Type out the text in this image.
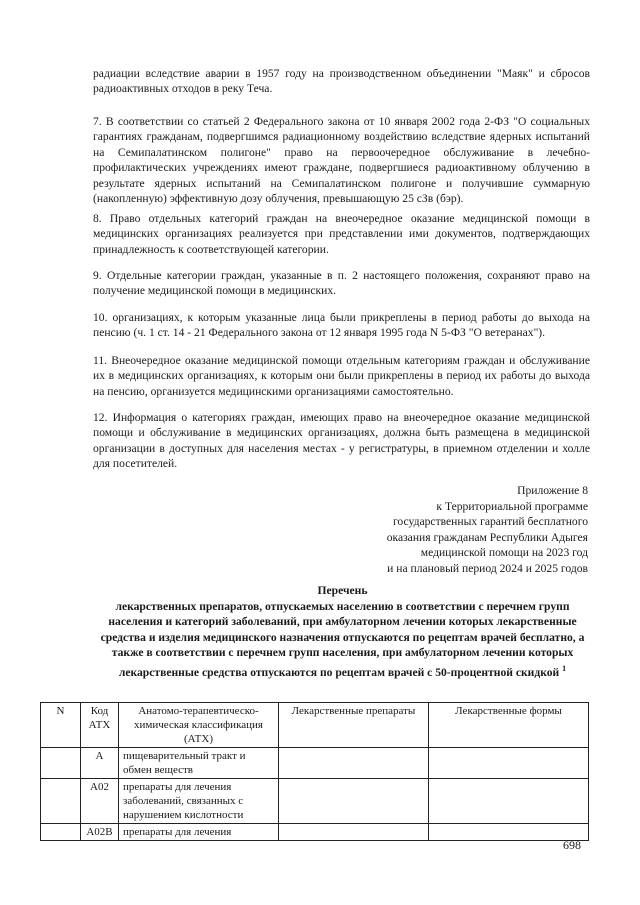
радиации вследствие аварии в 1957 году на производственном объединении "Маяк" и сбросов радиоактивных отходов в реку Теча.

7. В соответствии со статьей 2 Федерального закона от 10 января 2002 года 2-ФЗ "О социальных гарантиях гражданам, подвергшимся радиационному воздействию вследствие ядерных испытаний на Семипалатинском полигоне" право на первоочередное обслуживание в лечебно-профилактических учреждениях имеют граждане, подвергшиеся радиоактивному облучению в результате ядерных испытаний на Семипалатинском полигоне и получившие суммарную (накопленную) эффективную дозу облучения, превышающую 25 сЗв (бэр).

8. Право отдельных категорий граждан на внеочередное оказание медицинской помощи в медицинских организациях реализуется при представлении ими документов, подтверждающих принадлежность к соответствующей категории.

9. Отдельные категории граждан, указанные в п. 2 настоящего положения, сохраняют право на получение медицинской помощи в медицинских.

10. организациях, к которым указанные лица были прикреплены в период работы до выхода на пенсию (ч. 1 ст. 14 - 21 Федерального закона от 12 января 1995 года N 5-ФЗ "О ветеранах").

11. Внеочередное оказание медицинской помощи отдельным категориям граждан и обслуживание их в медицинских организациях, к которым они были прикреплены в период их работы до выхода на пенсию, организуется медицинскими организациями самостоятельно.

12. Информация о категориях граждан, имеющих право на внеочередное оказание медицинской помощи и обслуживание в медицинских организациях, должна быть размещена в медицинской организации в доступных для населения местах - у регистратуры, в приемном отделении и холле для посетителей.

Приложение 8
к Территориальной программе
государственных гарантий бесплатного
оказания гражданам Республики Адыгея
медицинской помощи на 2023 год
и на плановый период 2024 и 2025 годов

Перечень

лекарственных препаратов, отпускаемых населению в соответствии с перечнем групп населения и категорий заболеваний, при амбулаторном лечении которых лекарственные средства и изделия медицинского назначения отпускаются по рецептам врачей бесплатно, а также в соответствии с перечнем групп населения, при амбулаторном лечении которых лекарственные средства отпускаются по рецептам врачей с 50-процентной скидкой $^1$

N	Код АТХ	Анатомо-терапевтическо-химическая классификация (АТХ)	Лекарственные препараты	Лекарственные формы
	A	пищеварительный тракт и обмен веществ		
	A02	препараты для лечения заболеваний, связанных с нарушением кислотности		
	A02B	препараты для лечения		
698
